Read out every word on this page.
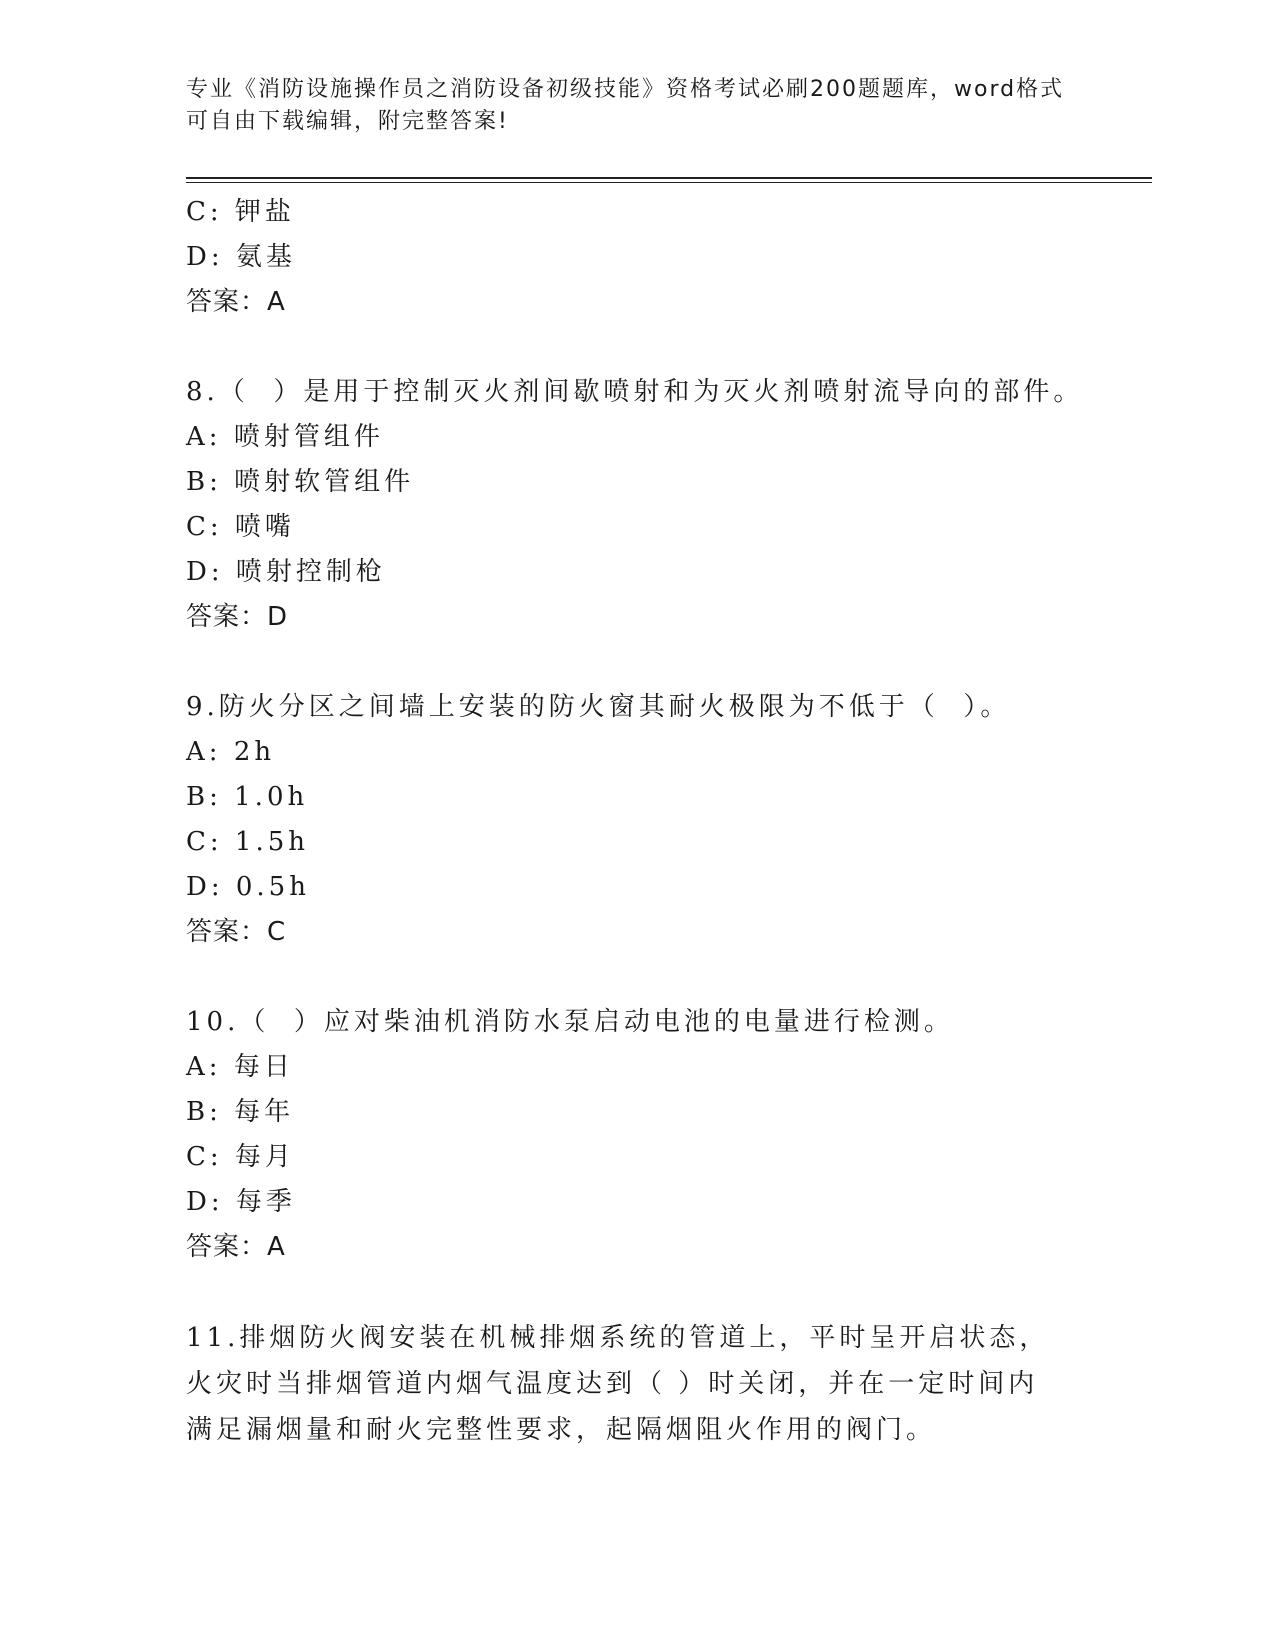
专业《消防设施操作员之消防设备初级技能》资格考试必刷200题题库，word格式可自由下载编辑，附完整答案!
C: 钾盐
D: 氨基
答案：A
8.（  ）是用于控制灭火剂间歇喷射和为灭火剂喷射流导向的部件。
A: 喷射管组件
B: 喷射软管组件
C: 喷嘴
D: 喷射控制枪
答案：D
9.防火分区之间墙上安装的防火窗其耐火极限为不低于（  ）。
A: 2h
B: 1.0h
C: 1.5h
D: 0.5h
答案：C
10.（  ）应对柴油机消防水泵启动电池的电量进行检测。
A: 每日
B: 每年
C: 每月
D: 每季
答案：A
11.排烟防火阀安装在机械排烟系统的管道上，平时呈开启状态，火灾时当排烟管道内烟气温度达到（ ）时关闭，并在一定时间内满足漏烟量和耐火完整性要求，起隔烟阻火作用的阀门。
